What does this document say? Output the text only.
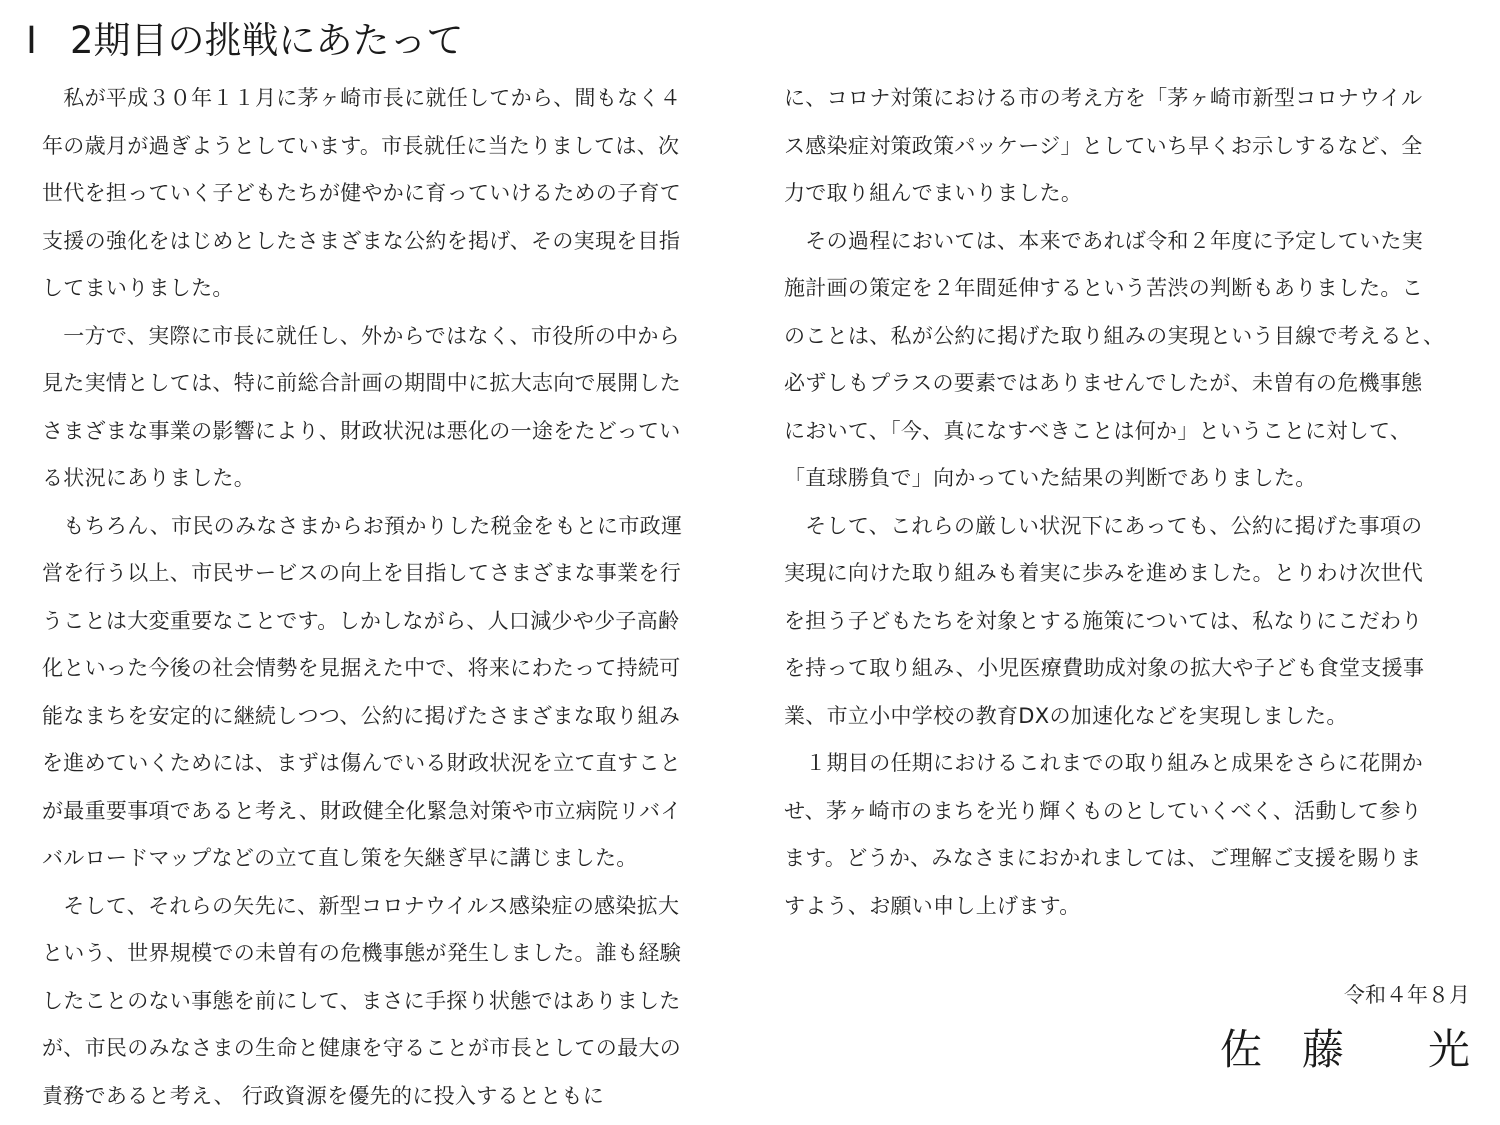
Ⅰ 2期目の挑戦にあたって
　私が平成３０年１１月に茅ヶ崎市長に就任してから、間もなく４
年の歳月が過ぎようとしています。市長就任に当たりましては、次
世代を担っていく子どもたちが健やかに育っていけるための子育て
支援の強化をはじめとしたさまざまな公約を掲げ、その実現を目指
してまいりました。
　一方で、実際に市長に就任し、外からではなく、市役所の中から
見た実情としては、特に前総合計画の期間中に拡大志向で展開した
さまざまな事業の影響により、財政状況は悪化の一途をたどってい
る状況にありました。
　もちろん、市民のみなさまからお預かりした税金をもとに市政運
営を行う以上、市民サービスの向上を目指してさまざまな事業を行
うことは大変重要なことです。しかしながら、人口減少や少子高齢
化といった今後の社会情勢を見据えた中で、将来にわたって持続可
能なまちを安定的に継続しつつ、公約に掲げたさまざまな取り組み
を進めていくためには、まずは傷んでいる財政状況を立て直すこと
が最重要事項であると考え、財政健全化緊急対策や市立病院リバイ
バルロードマップなどの立て直し策を矢継ぎ早に講じました。
　そして、それらの矢先に、新型コロナウイルス感染症の感染拡大
という、世界規模での未曽有の危機事態が発生しました。誰も経験
したことのない事態を前にして、まさに手探り状態ではありました
が、市民のみなさまの生命と健康を守ることが市長としての最大の
責務であると考え、 行政資源を優先的に投入するとともに
に、コロナ対策における市の考え方を「茅ヶ崎市新型コロナウイル
ス感染症対策政策パッケージ」としていち早くお示しするなど、全
力で取り組んでまいりました。
　その過程においては、本来であれば令和２年度に予定していた実
施計画の策定を２年間延伸するという苦渋の判断もありました。こ
のことは、私が公約に掲げた取り組みの実現という目線で考えると、
必ずしもプラスの要素ではありませんでしたが、未曽有の危機事態
において、「今、真になすべきことは何か」ということに対して、
「直球勝負で」向かっていた結果の判断でありました。
　そして、これらの厳しい状況下にあっても、公約に掲げた事項の
実現に向けた取り組みも着実に歩みを進めました。とりわけ次世代
を担う子どもたちを対象とする施策については、私なりにこだわり
を持って取り組み、小児医療費助成対象の拡大や子ども食堂支援事
業、市立小中学校の教育DXの加速化などを実現しました。
　１期目の任期におけるこれまでの取り組みと成果をさらに花開か
せ、茅ヶ崎市のまちを光り輝くものとしていくべく、活動して参り
ます。どうか、みなさまにおかれましては、ご理解ご支援を賜りま
すよう、お願い申し上げます。
令和４年８月
佐藤 光
